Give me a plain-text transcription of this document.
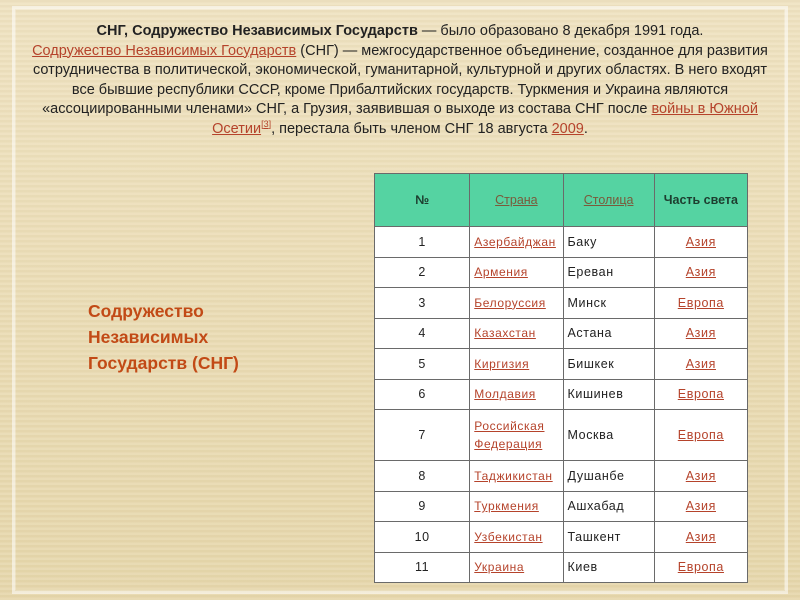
СНГ, Содружество Независимых Государств — было образовано 8 декабря 1991 года.
Содружество Независимых Государств (СНГ) — межгосударственное объединение, созданное для развития сотрудничества в политической, экономической, гуманитарной, культурной и других областях. В него входят все бывшие республики СССР, кроме Прибалтийских государств. Туркмения и Украина являются «ассоциированными членами» СНГ, а Грузия, заявившая о выходе из состава СНГ после войны в Южной Осетии[3], перестала быть членом СНГ 18 августа 2009.

Содружество Независимых Государств (СНГ)
№	Страна	Столица	Часть света
1	Азербайджан	Баку	Азия
2	Армения	Ереван	Азия
3	Белоруссия	Минск	Европа
4	Казахстан	Астана	Азия
5	Киргизия	Бишкек	Азия
6	Молдавия	Кишинев	Европа
7	Российская Федерация	Москва	Европа
8	Таджикистан	Душанбе	Азия
9	Туркмения	Ашхабад	Азия
10	Узбекистан	Ташкент	Азия
11	Украина	Киев	Европа
